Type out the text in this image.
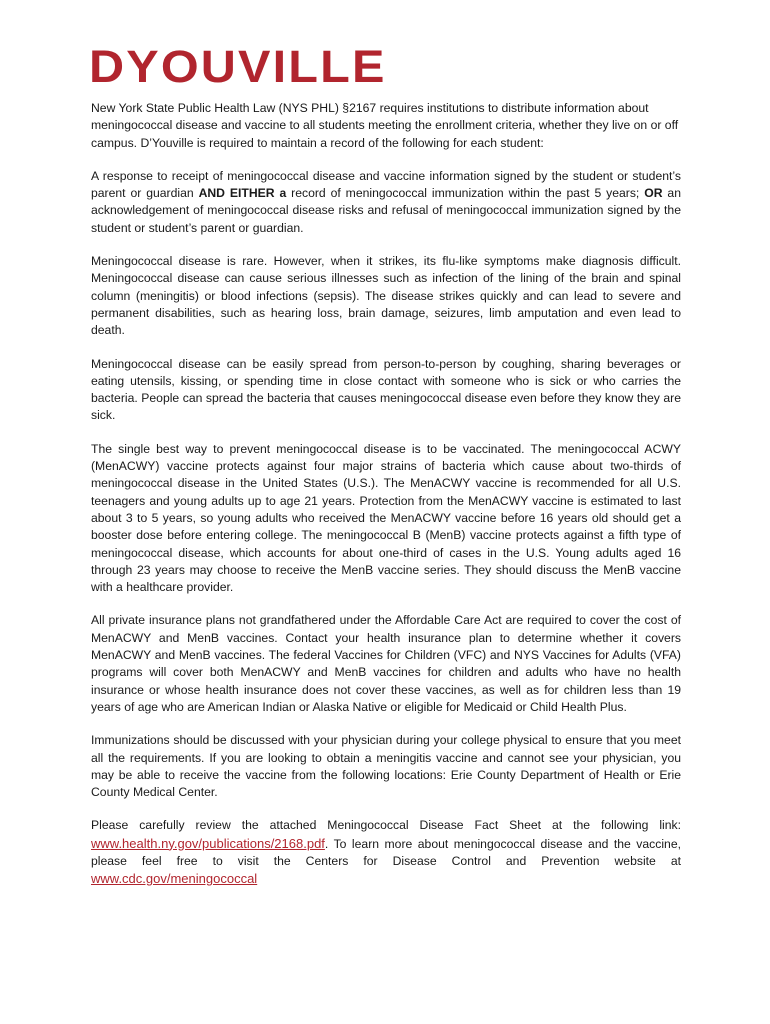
DYOUVILLE

New York State Public Health Law (NYS PHL) §2167 requires institutions to distribute information about meningococcal disease and vaccine to all students meeting the enrollment criteria, whether they live on or off campus. D’Youville is required to maintain a record of the following for each student:

A response to receipt of meningococcal disease and vaccine information signed by the student or student’s parent or guardian AND EITHER a record of meningococcal immunization within the past 5 years; OR an acknowledgement of meningococcal disease risks and refusal of meningococcal immunization signed by the student or student’s parent or guardian.

Meningococcal disease is rare. However, when it strikes, its flu-like symptoms make diagnosis difficult. Meningococcal disease can cause serious illnesses such as infection of the lining of the brain and spinal column (meningitis) or blood infections (sepsis). The disease strikes quickly and can lead to severe and permanent disabilities, such as hearing loss, brain damage, seizures, limb amputation and even lead to death.

Meningococcal disease can be easily spread from person-to-person by coughing, sharing beverages or eating utensils, kissing, or spending time in close contact with someone who is sick or who carries the bacteria. People can spread the bacteria that causes meningococcal disease even before they know they are sick.

The single best way to prevent meningococcal disease is to be vaccinated. The meningococcal ACWY (MenACWY) vaccine protects against four major strains of bacteria which cause about two-thirds of meningococcal disease in the United States (U.S.). The MenACWY vaccine is recommended for all U.S. teenagers and young adults up to age 21 years. Protection from the MenACWY vaccine is estimated to last about 3 to 5 years, so young adults who received the MenACWY vaccine before 16 years old should get a booster dose before entering college. The meningococcal B (MenB) vaccine protects against a fifth type of meningococcal disease, which accounts for about one-third of cases in the U.S. Young adults aged 16 through 23 years may choose to receive the MenB vaccine series. They should discuss the MenB vaccine with a healthcare provider.

All private insurance plans not grandfathered under the Affordable Care Act are required to cover the cost of MenACWY and MenB vaccines. Contact your health insurance plan to determine whether it covers MenACWY and MenB vaccines. The federal Vaccines for Children (VFC) and NYS Vaccines for Adults (VFA) programs will cover both MenACWY and MenB vaccines for children and adults who have no health insurance or whose health insurance does not cover these vaccines, as well as for children less than 19 years of age who are American Indian or Alaska Native or eligible for Medicaid or Child Health Plus.

Immunizations should be discussed with your physician during your college physical to ensure that you meet all the requirements. If you are looking to obtain a meningitis vaccine and cannot see your physician, you may be able to receive the vaccine from the following locations: Erie County Department of Health or Erie County Medical Center.

Please carefully review the attached Meningococcal Disease Fact Sheet at the following link: www.health.ny.gov/publications/2168.pdf. To learn more about meningococcal disease and the vaccine, please feel free to visit the Centers for Disease Control and Prevention website at www.cdc.gov/meningococcal
